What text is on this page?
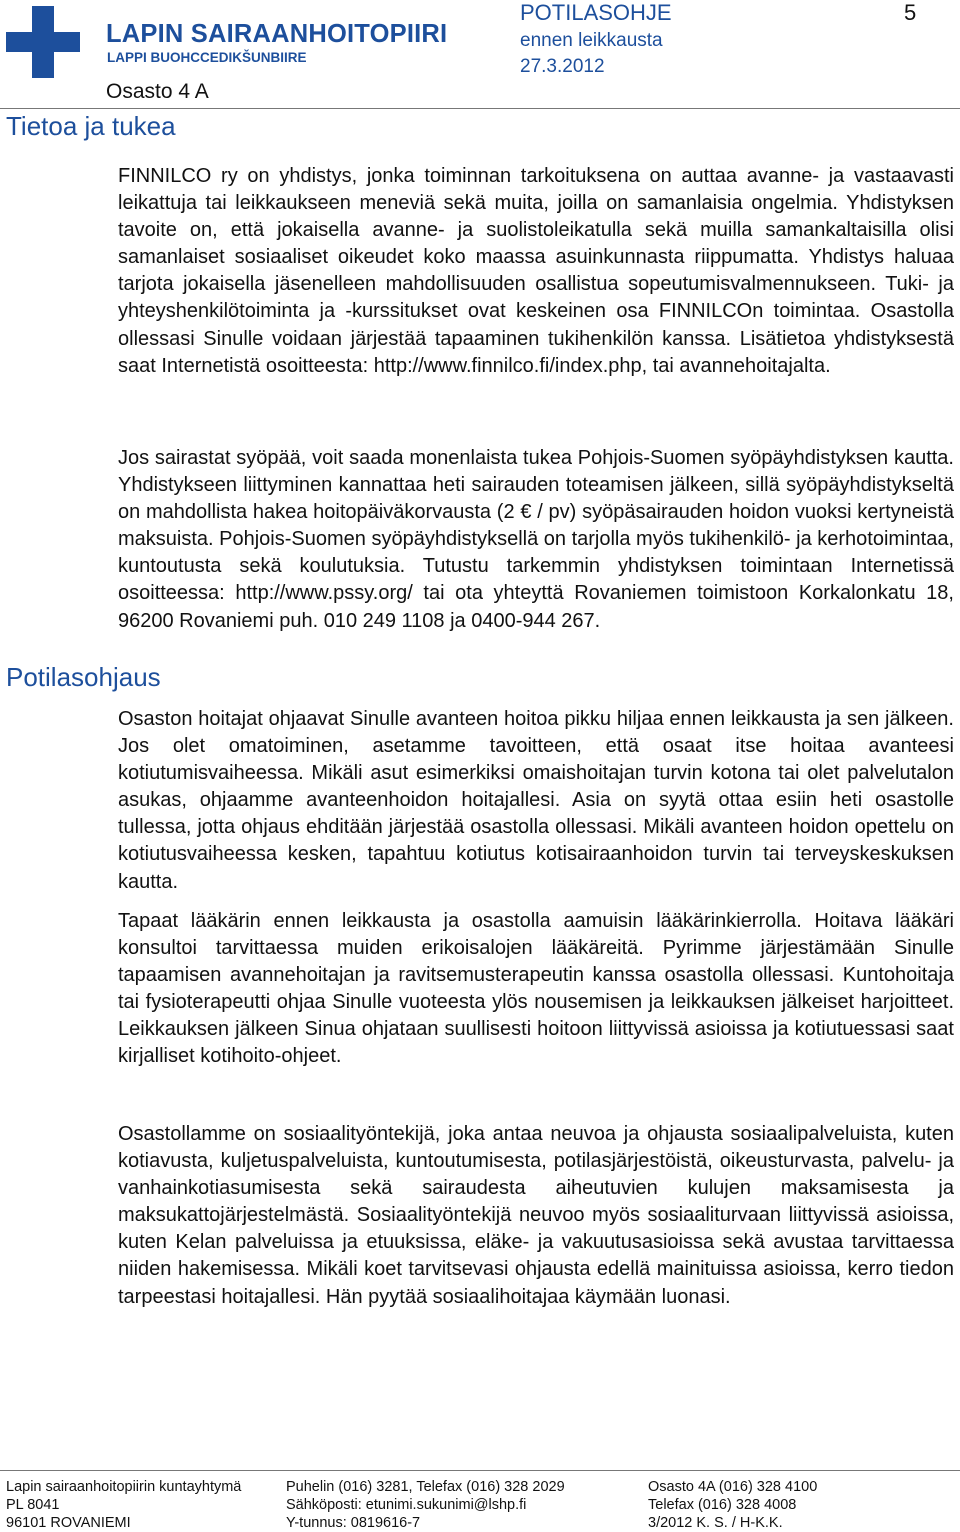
LAPIN SAIRAANHOITOPIIRI
LAPPI BUOHCCEDIKŠUNBIIRE
Osasto 4 A
POTILASOHJE
ennen leikkausta
27.3.2012
5
Tietoa ja tukea

FINNILCO ry on yhdistys, jonka toiminnan tarkoituksena on auttaa avanne- ja vastaavasti leikattuja tai leikkaukseen meneviä sekä muita, joilla on samanlaisia ongelmia. Yhdistyksen tavoite on, että jokaisella avanne- ja suolistoleikatulla sekä muilla samankaltaisilla olisi samanlaiset sosiaaliset oikeudet koko maassa asuinkunnasta riippumatta. Yhdistys haluaa tarjota jokaisella jäsenelleen mahdollisuuden osallistua sopeutumisvalmennukseen. Tuki- ja yhteyshenkilötoiminta ja -kurssitukset ovat keskeinen osa FINNILCOn toimintaa. Osastolla ollessasi Sinulle voidaan järjestää tapaaminen tukihenkilön kanssa. Lisätietoa yhdistyksestä saat Internetistä osoitteesta: http://www.finnilco.fi/index.php, tai avannehoitajalta.

Jos sairastat syöpää, voit saada monenlaista tukea Pohjois-Suomen syöpäyhdistyksen kautta. Yhdistykseen liittyminen kannattaa heti sairauden toteamisen jälkeen, sillä syöpäyhdistykseltä on mahdollista hakea hoitopäiväkorvausta (2 € / pv) syöpäsairauden hoidon vuoksi kertyneistä maksuista. Pohjois-Suomen syöpäyhdistyksellä on tarjolla myös tukihenkilö- ja kerhotoimintaa, kuntoutusta sekä koulutuksia. Tutustu tarkemmin yhdistyksen toimintaan Internetissä osoitteessa: http://www.pssy.org/ tai ota yhteyttä Rovaniemen toimistoon Korkalonkatu 18, 96200 Rovaniemi puh. 010 249 1108 ja 0400-944 267.

Potilasohjaus

Osaston hoitajat ohjaavat Sinulle avanteen hoitoa pikku hiljaa ennen leikkausta ja sen jälkeen. Jos olet omatoiminen, asetamme tavoitteen, että osaat itse hoitaa avanteesi kotiutumisvaiheessa. Mikäli asut esimerkiksi omaishoitajan turvin kotona tai olet palvelutalon asukas, ohjaamme avanteenhoidon hoitajallesi. Asia on syytä ottaa esiin heti osastolle tullessa, jotta ohjaus ehditään järjestää osastolla ollessasi. Mikäli avanteen hoidon opettelu on kotiutusvaiheessa kesken, tapahtuu kotiutus kotisairaanhoidon turvin tai terveyskeskuksen kautta.

Tapaat lääkärin ennen leikkausta ja osastolla aamuisin lääkärinkierrolla. Hoitava lääkäri konsultoi tarvittaessa muiden erikoisalojen lääkäreitä. Pyrimme järjestämään Sinulle tapaamisen avannehoitajan ja ravitsemusterapeutin kanssa osastolla ollessasi. Kuntohoitaja tai fysioterapeutti ohjaa Sinulle vuoteesta ylös nousemisen ja leikkauksen jälkeiset harjoitteet. Leikkauksen jälkeen Sinua ohjataan suullisesti hoitoon liittyvissä asioissa ja kotiutuessasi saat kirjalliset kotihoito-ohjeet.

Osastollamme on sosiaalityöntekijä, joka antaa neuvoa ja ohjausta sosiaalipalveluista, kuten kotiavusta, kuljetuspalveluista, kuntoutumisesta, potilasjärjestöistä, oikeusturvasta, palvelu- ja vanhainkotiasumisesta sekä sairaudesta aiheutuvien kulujen maksamisesta ja maksukattojärjestelmästä. Sosiaalityöntekijä neuvoo myös sosiaaliturvaan liittyvissä asioissa, kuten Kelan palveluissa ja etuuksissa, eläke- ja vakuutusasioissa sekä avustaa tarvittaessa niiden hakemisessa. Mikäli koet tarvitsevasi ohjausta edellä mainituissa asioissa, kerro tiedon tarpeestasi hoitajallesi. Hän pyytää sosiaalihoitajaa käymään luonasi.

Lapin sairaanhoitopiirin kuntayhtymä
PL 8041
96101 ROVANIEMI
Puhelin (016) 3281, Telefax (016) 328 2029
Sähköposti: etunimi.sukunimi@lshp.fi
Y-tunnus: 0819616-7
Osasto 4A (016) 328 4100
Telefax (016) 328 4008
3/2012 K. S. / H-K.K.
